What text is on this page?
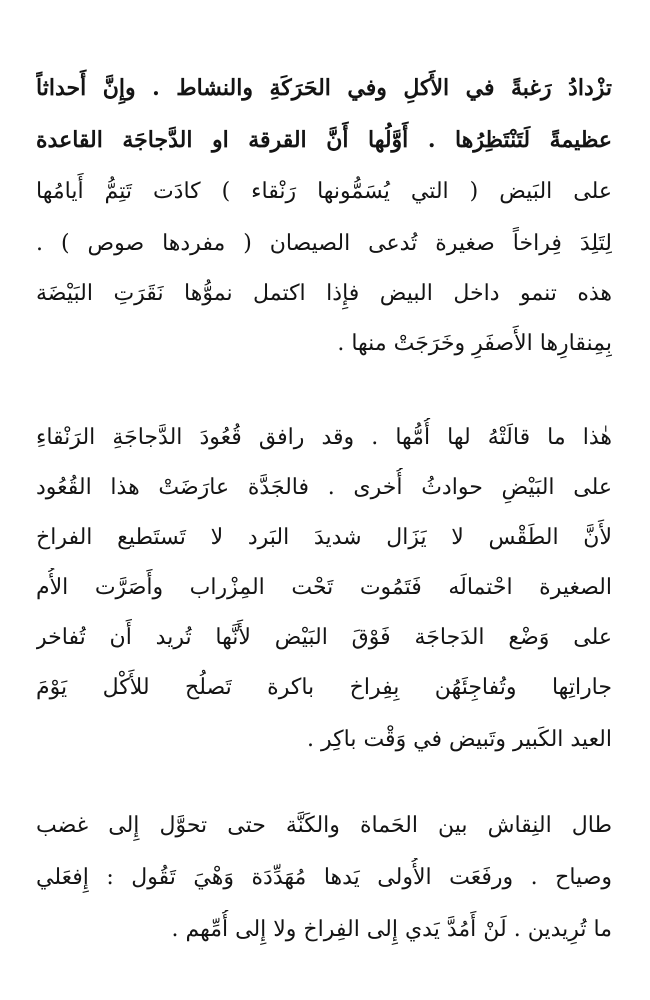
تزْدادُ رَغبةً في الأَكلِ وفي الحَرَكَةِ والنشاط . وإِنَّ أَحداثاً
عظيمةً لَتَنْتَظِرُها . أَوَّلُها أَنَّ القرقة او الدَّجاجَة القاعدة
على البَيض ( التي يُسَمُّونها رَنْقاء ) كادَت تَتِمُّ أَيامُها
لِتَلِدَ فِراخاً صغيرة تُدعى الصيصان ( مفردها صوص ) .
هذه تنمو داخل البيض فإِذا اكتمل نموُّها نَقَرَتِ البَيْضَة
بِمِنقارِها الأَصفَرِ وخَرَجَتْ منها .
هٰذا ما قالَتْهُ لها أُمُّها . وقد رافق قُعُودَ الدَّجاجَةِ الرَنْقاءِ
على البَيْضِ حوادثُ أُخرى . فالجَدَّة عارَضَتْ هذا القُعُود
لأَنَّ الطَقْس لا يَزَال شديدَ البَرد لا تَستَطيع الفراخ
الصغيرة احْتمالَه فَتَمُوت تَحْت المِزْراب وأَصَرَّت الأُم
على وَضْع الدَجاجَة فَوْقَ البَيْض لأَنَّها تُريد أَن تُفاخر
جاراتِها وتُفاجِئَهُن بِفِراخ باكرة تَصلُح للأَكْل يَوْمَ
العيد الكَبير وتَبيض في وَقْت باكِر .
طال النِقاش بين الحَماة والكَنَّة حتى تحوَّل إِلى غضب
وصياح . ورفَعَت الأُولى يَدها مُهَدِّدَة وَهْيَ تَقُول : إِفعَلي
ما تُرِيدين . لَنْ أَمُدَّ يَدي إِلى الفِراخ ولا إِلى أُمِّهم .
